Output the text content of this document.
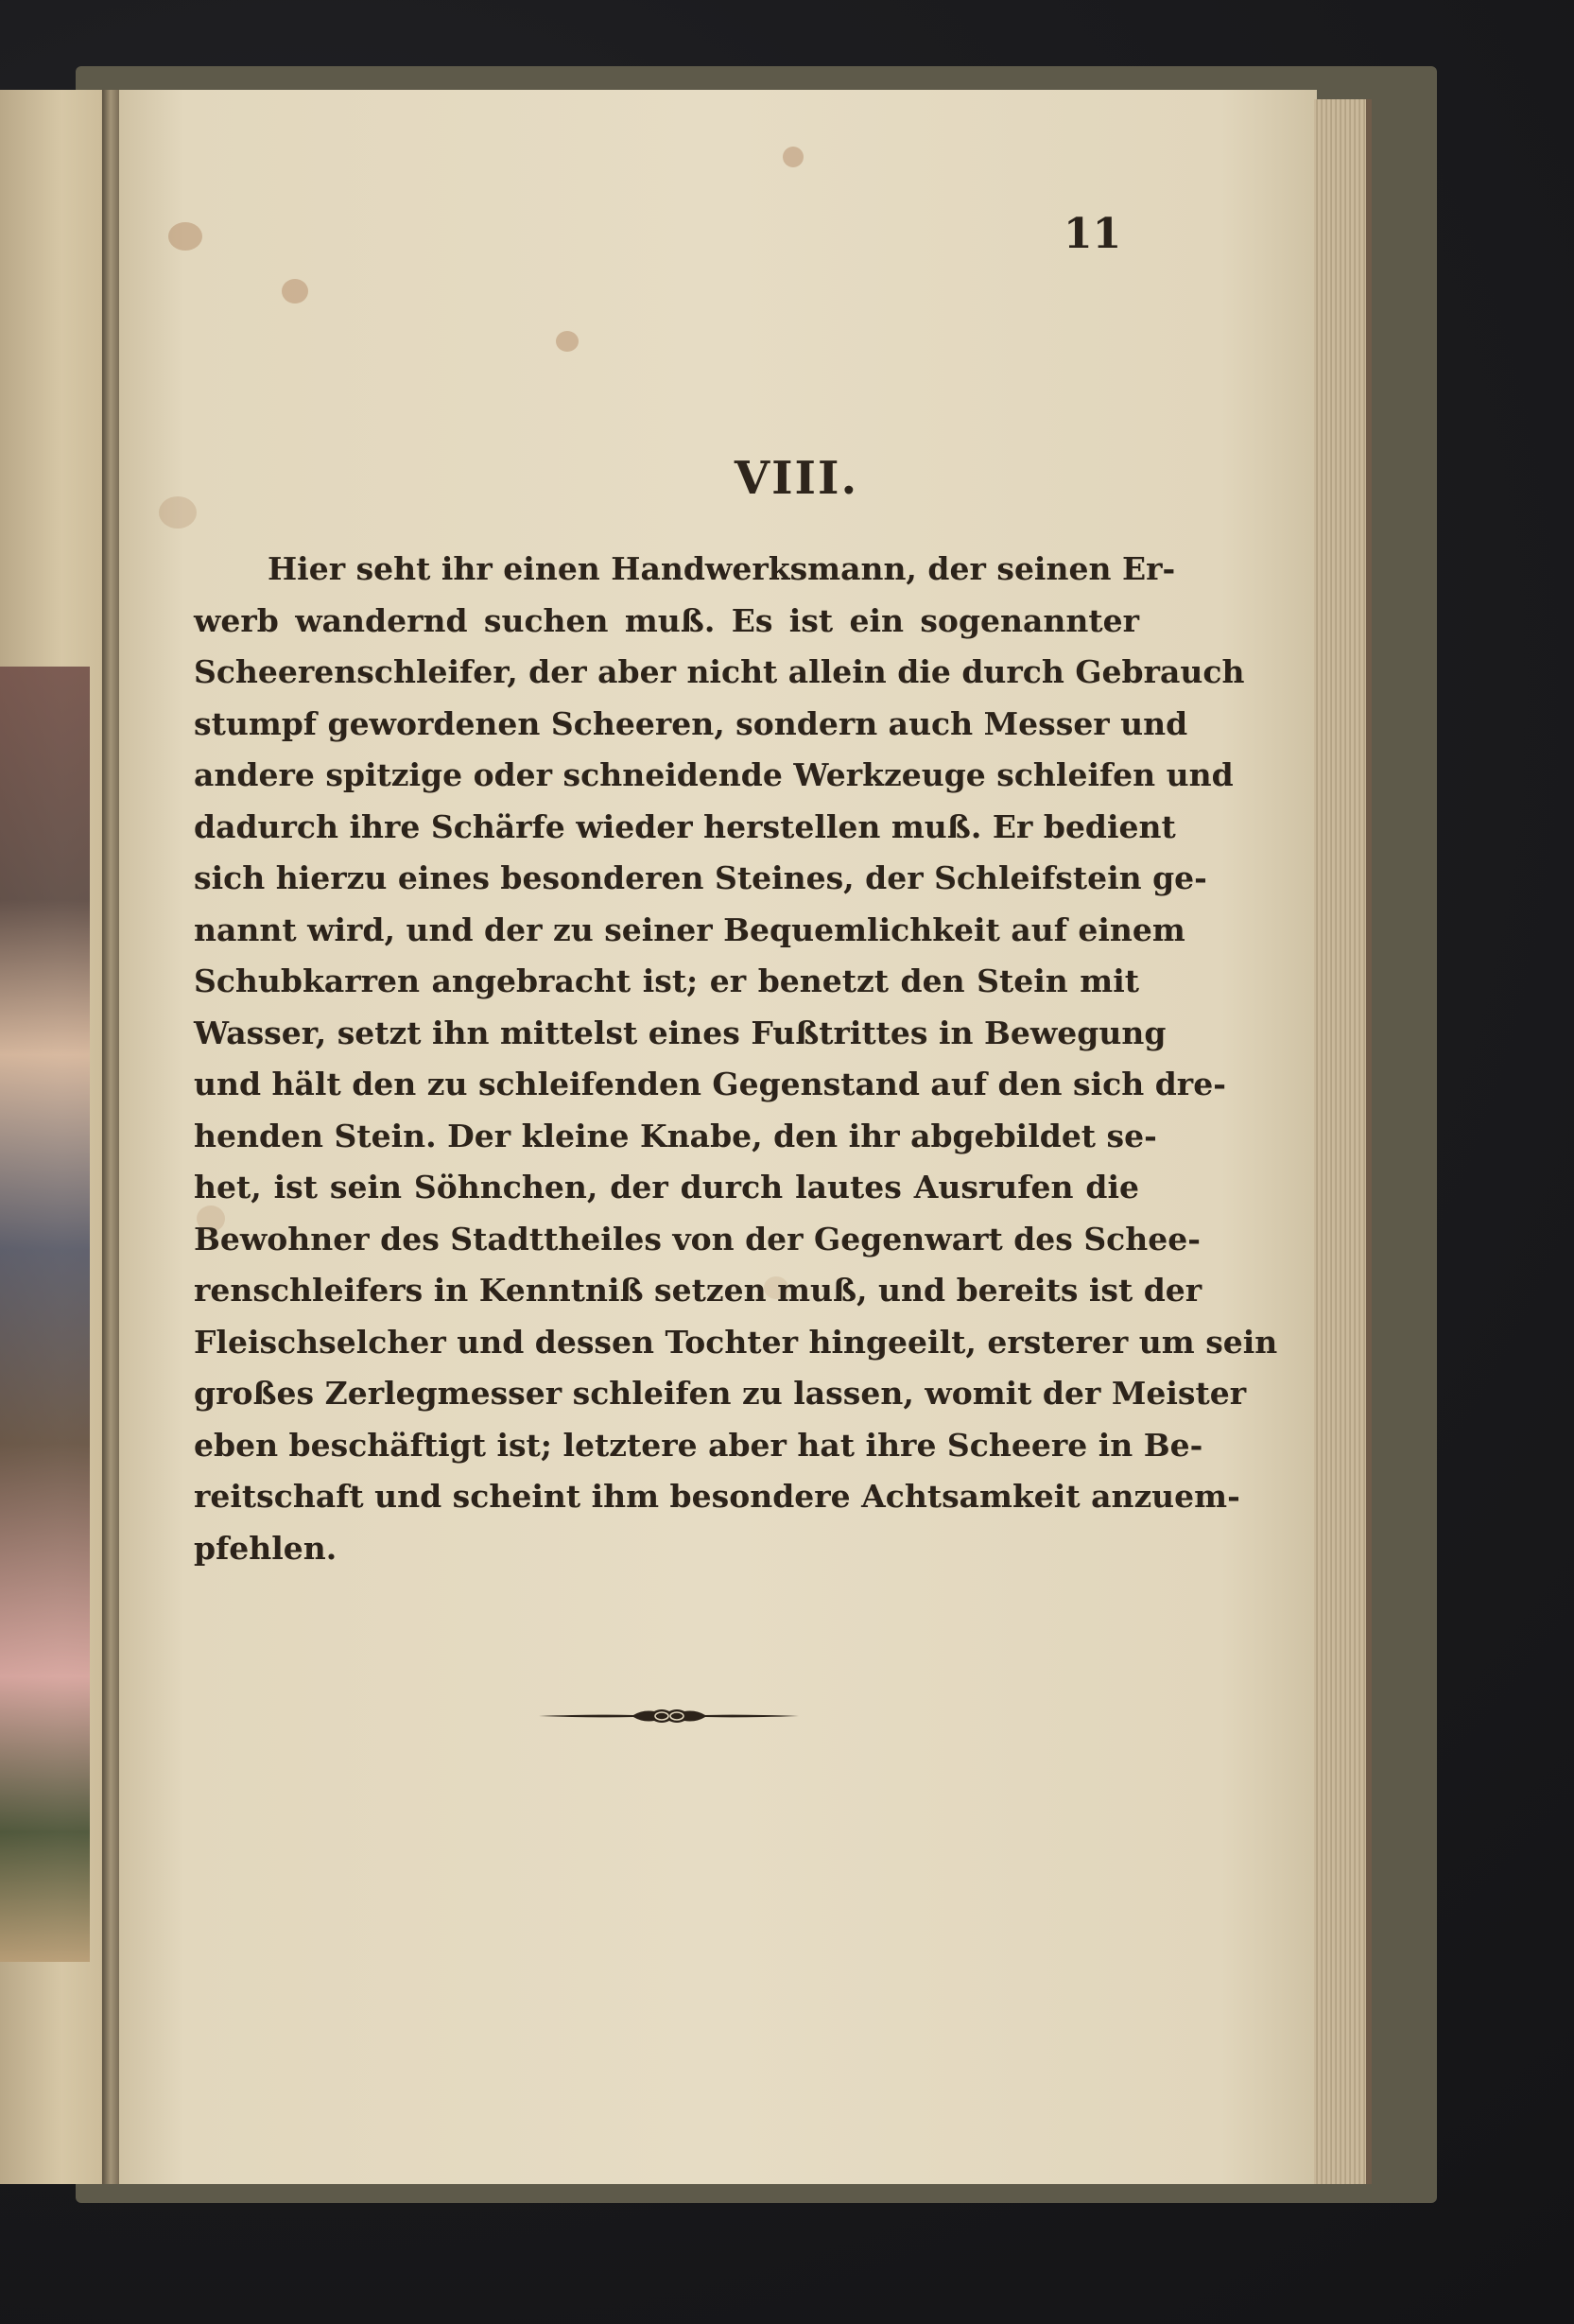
11
VIII.
Hier seht ihr einen Handwerksmann, der seinen Er-
werb wandernd suchen muß. Es ist ein sogenannter
Scheerenschleifer, der aber nicht allein die durch Gebrauch
stumpf gewordenen Scheeren, sondern auch Messer und
andere spitzige oder schneidende Werkzeuge schleifen und
dadurch ihre Schärfe wieder herstellen muß. Er bedient
sich hierzu eines besonderen Steines, der Schleifstein ge-
nannt wird, und der zu seiner Bequemlichkeit auf einem
Schubkarren angebracht ist; er benetzt den Stein mit
Wasser, setzt ihn mittelst eines Fußtrittes in Bewegung
und hält den zu schleifenden Gegenstand auf den sich dre-
henden Stein. Der kleine Knabe, den ihr abgebildet se-
het, ist sein Söhnchen, der durch lautes Ausrufen die
Bewohner des Stadttheiles von der Gegenwart des Schee-
renschleifers in Kenntniß setzen muß, und bereits ist der
Fleischselcher und dessen Tochter hingeeilt, ersterer um sein
großes Zerlegmesser schleifen zu lassen, womit der Meister
eben beschäftigt ist; letztere aber hat ihre Scheere in Be-
reitschaft und scheint ihm besondere Achtsamkeit anzuem-
pfehlen.
